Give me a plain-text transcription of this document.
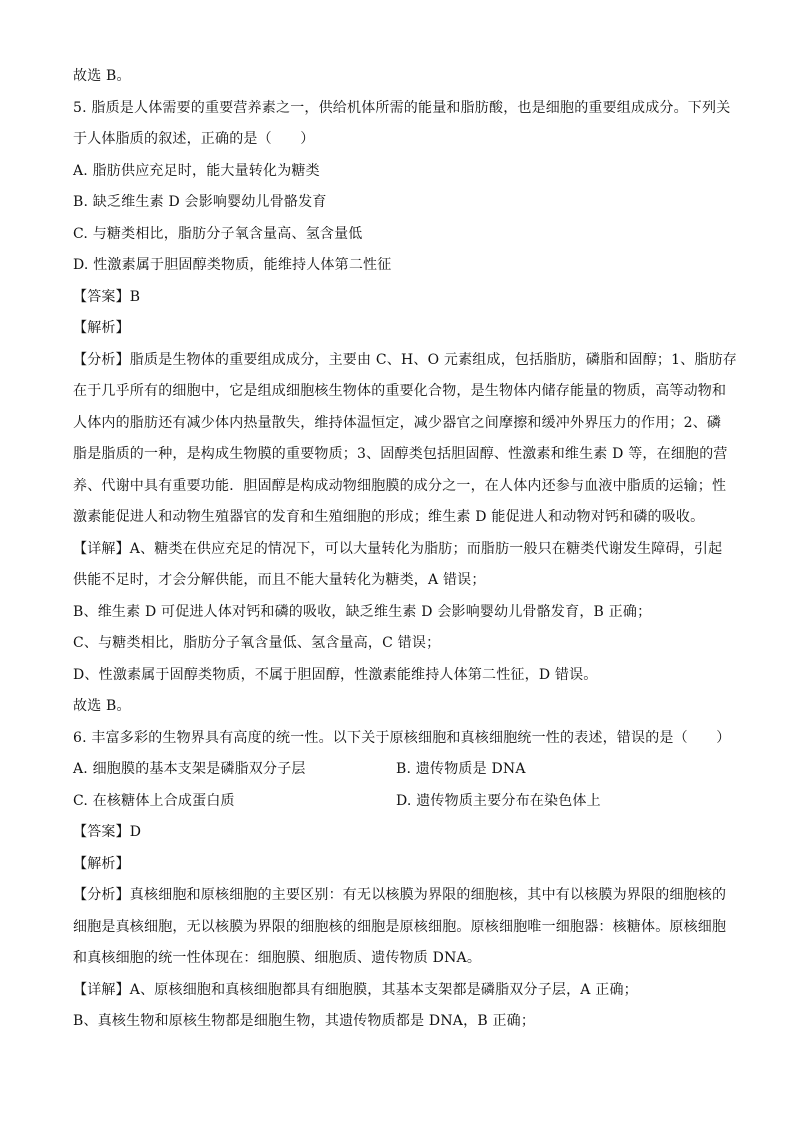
故选 B。
5. 脂质是人体需要的重要营养素之一，供给机体所需的能量和脂肪酸，也是细胞的重要组成成分。下列关
于人体脂质的叙述，正确的是（　　）
A. 脂肪供应充足时，能大量转化为糖类
B. 缺乏维生素 D 会影响婴幼儿骨骼发育
C. 与糖类相比，脂肪分子氧含量高、氢含量低
D. 性激素属于胆固醇类物质，能维持人体第二性征
【答案】B
【解析】
【分析】脂质是生物体的重要组成成分，主要由 C、H、O 元素组成，包括脂肪，磷脂和固醇；1、脂肪存
在于几乎所有的细胞中，它是组成细胞核生物体的重要化合物，是生物体内储存能量的物质，高等动物和
人体内的脂肪还有减少体内热量散失，维持体温恒定，减少器官之间摩擦和缓冲外界压力的作用；2、磷
脂是脂质的一种，是构成生物膜的重要物质；3、固醇类包括胆固醇、性激素和维生素 D 等，在细胞的营
养、代谢中具有重要功能．胆固醇是构成动物细胞膜的成分之一，在人体内还参与血液中脂质的运输；性
激素能促进人和动物生殖器官的发育和生殖细胞的形成；维生素 D 能促进人和动物对钙和磷的吸收。
【详解】A、糖类在供应充足的情况下，可以大量转化为脂肪；而脂肪一般只在糖类代谢发生障碍，引起
供能不足时，才会分解供能，而且不能大量转化为糖类，A 错误；
B、维生素 D 可促进人体对钙和磷的吸收，缺乏维生素 D 会影响婴幼儿骨骼发育，B 正确；
C、与糖类相比，脂肪分子氧含量低、氢含量高，C 错误；
D、性激素属于固醇类物质，不属于胆固醇，性激素能维持人体第二性征，D 错误。
故选 B。
6. 丰富多彩的生物界具有高度的统一性。以下关于原核细胞和真核细胞统一性的表述，错误的是（　　）
A. 细胞膜的基本支架是磷脂双分子层	B. 遗传物质是 DNA
C. 在核糖体上合成蛋白质	D. 遗传物质主要分布在染色体上
【答案】D
【解析】
【分析】真核细胞和原核细胞的主要区别：有无以核膜为界限的细胞核，其中有以核膜为界限的细胞核的
细胞是真核细胞，无以核膜为界限的细胞核的细胞是原核细胞。原核细胞唯一细胞器：核糖体。原核细胞
和真核细胞的统一性体现在：细胞膜、细胞质、遗传物质 DNA。
【详解】A、原核细胞和真核细胞都具有细胞膜，其基本支架都是磷脂双分子层，A 正确；
B、真核生物和原核生物都是细胞生物，其遗传物质都是 DNA，B 正确；
